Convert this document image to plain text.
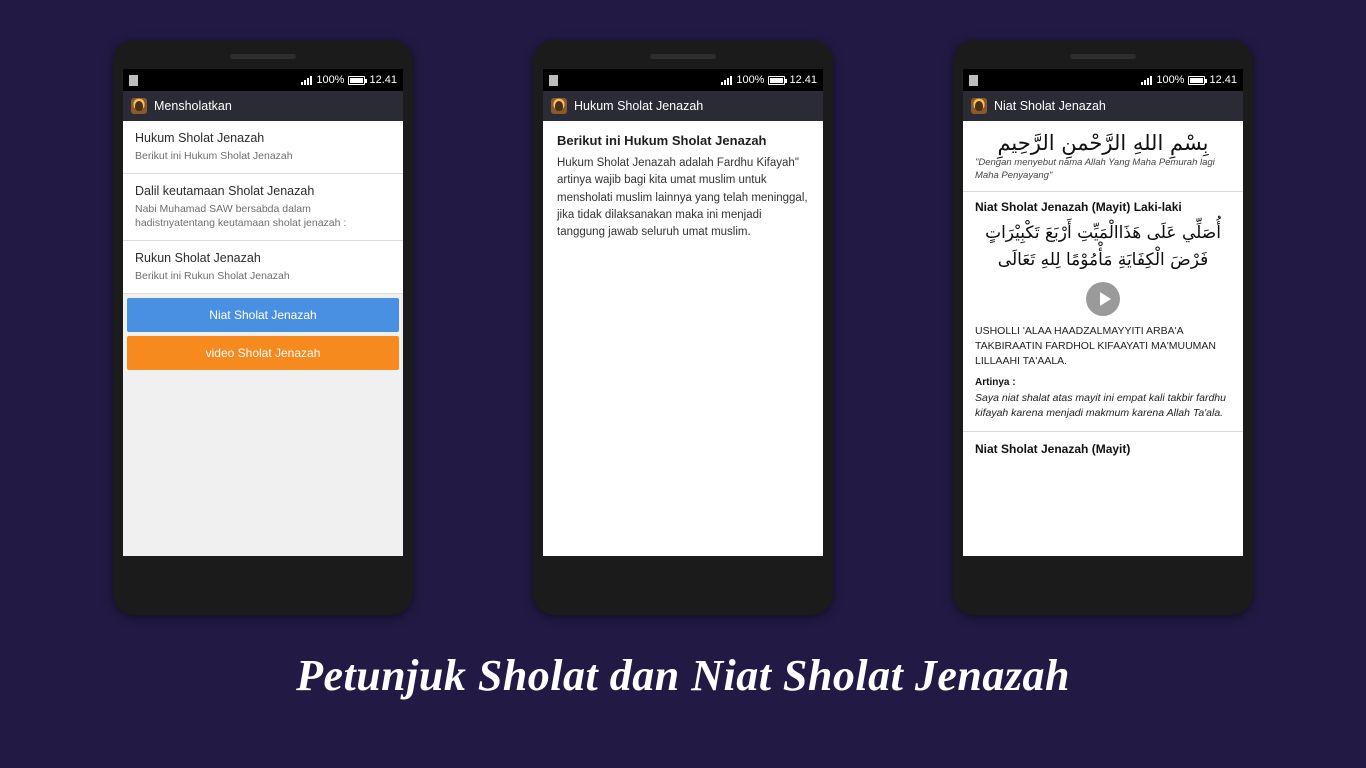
100% 12.41
Mensholatkan
Hukum Sholat Jenazah
Berikut ini Hukum Sholat Jenazah
Dalil keutamaan Sholat Jenazah
Nabi Muhamad SAW bersabda dalam hadistnyatentang keutamaan sholat jenazah :
Rukun Sholat Jenazah
Berikut ini Rukun Sholat Jenazah
Niat Sholat Jenazah
video Sholat Jenazah
100% 12.41
Hukum Sholat Jenazah
Berikut ini Hukum Sholat Jenazah
Hukum Sholat Jenazah adalah Fardhu Kifayah" artinya wajib bagi kita umat muslim untuk mensholati muslim lainnya yang telah meninggal, jika tidak dilaksanakan maka ini menjadi tanggung jawab seluruh umat muslim.
100% 12.41
Niat Sholat Jenazah
بِسْمِ اللهِ الرَّحْمنِ الرَّحِيمِ
"Dengan menyebut nama Allah Yang Maha Pemurah lagi Maha Penyayang"
Niat Sholat Jenazah (Mayit) Laki-laki
أُصَلِّي عَلَى هَذَاالْمَيِّتِ أَرْبَعَ تَكْبِيْرَاتٍ فَرْضَ الْكِفَايَةِ مَأْمُوْمًا لِلهِ تَعَالَى
USHOLLI 'ALAA HAADZALMAYYITI ARBA'A TAKBIRAATIN FARDHOL KIFAAYATI MA'MUUMAN LILLAAHI TA'AALA.
Artinya :
Saya niat shalat atas mayit ini empat kali takbir fardhu kifayah karena menjadi makmum karena Allah Ta'ala.
Niat Sholat Jenazah (Mayit)
Petunjuk Sholat dan Niat Sholat Jenazah
